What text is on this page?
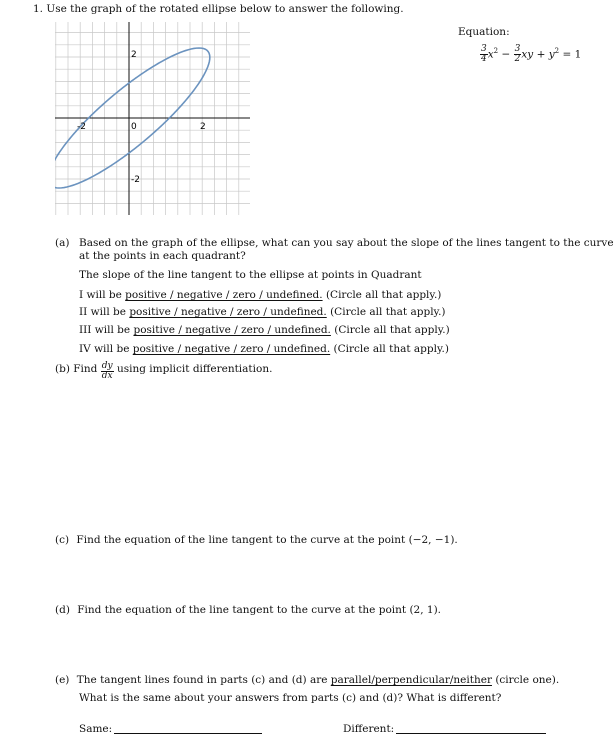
1. Use the graph of the rotated ellipse below to answer the following.
2
-2	0	2
-2
Equation:
$\frac{3}{4} x^2 - \frac{3}{2}$ xy + $y^2 = 1$
(a) Based on the graph of the ellipse, what can you say about the slope of the lines tangent to the curve
at the points in each quadrant?
The slope of the line tangent to the ellipse at points in Quadrant
I will be positive / negative / zero / undefined. (Circle all that apply.)
II will be positive / negative / zero / undefined. (Circle all that apply.)
III will be positive / negative / zero / undefined. (Circle all that apply.)
IV will be positive / negative / zero / undefined. (Circle all that apply.)
(b) Find $\frac{dy}{dx}$ using implicit differentiation.
(c) Find the equation of the line tangent to the curve at the point (−2, −1).
(d) Find the equation of the line tangent to the curve at the point (2, 1).
(e) The tangent lines found in parts (c) and (d) are parallel/perpendicular/neither (circle one).
What is the same about your answers from parts (c) and (d)? What is different?
Same:	Different:
